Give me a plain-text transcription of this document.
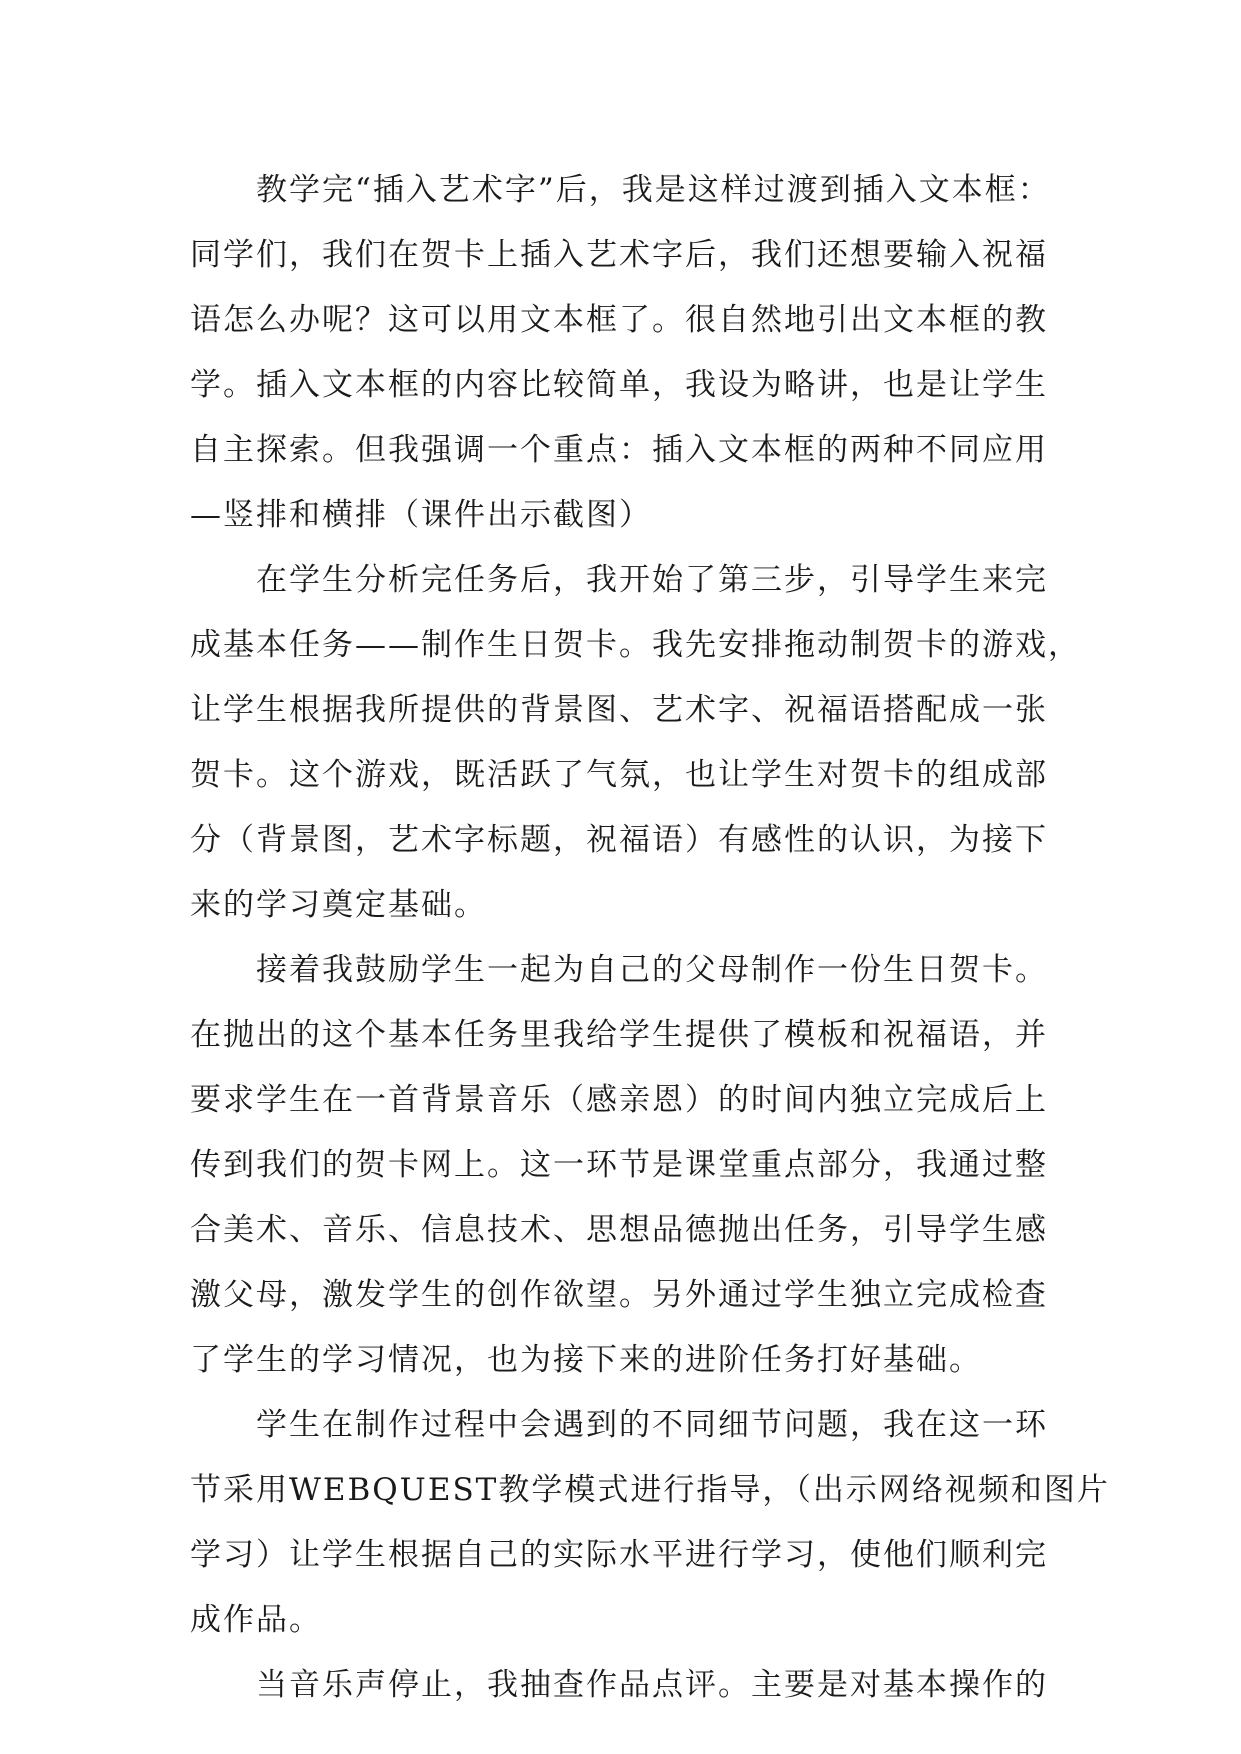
教学完“插入艺术字”后，我是这样过渡到插入文本框：
同学们，我们在贺卡上插入艺术字后，我们还想要输入祝福
语怎么办呢？这可以用文本框了。很自然地引出文本框的教
学。插入文本框的内容比较简单，我设为略讲，也是让学生
自主探索。但我强调一个重点：插入文本框的两种不同应用
—竖排和横排（课件出示截图）
在学生分析完任务后，我开始了第三步，引导学生来完
成基本任务——制作生日贺卡。我先安排拖动制贺卡的游戏，
让学生根据我所提供的背景图、艺术字、祝福语搭配成一张
贺卡。这个游戏，既活跃了气氛，也让学生对贺卡的组成部
分（背景图，艺术字标题，祝福语）有感性的认识，为接下
来的学习奠定基础。
接着我鼓励学生一起为自己的父母制作一份生日贺卡。
在抛出的这个基本任务里我给学生提供了模板和祝福语，并
要求学生在一首背景音乐（感亲恩）的时间内独立完成后上
传到我们的贺卡网上。这一环节是课堂重点部分，我通过整
合美术、音乐、信息技术、思想品德抛出任务，引导学生感
激父母，激发学生的创作欲望。另外通过学生独立完成检查
了学生的学习情况，也为接下来的进阶任务打好基础。
学生在制作过程中会遇到的不同细节问题，我在这一环
节采用WEBQUEST教学模式进行指导，（出示网络视频和图片
学习）让学生根据自己的实际水平进行学习，使他们顺利完
成作品。
当音乐声停止，我抽查作品点评。主要是对基本操作的
